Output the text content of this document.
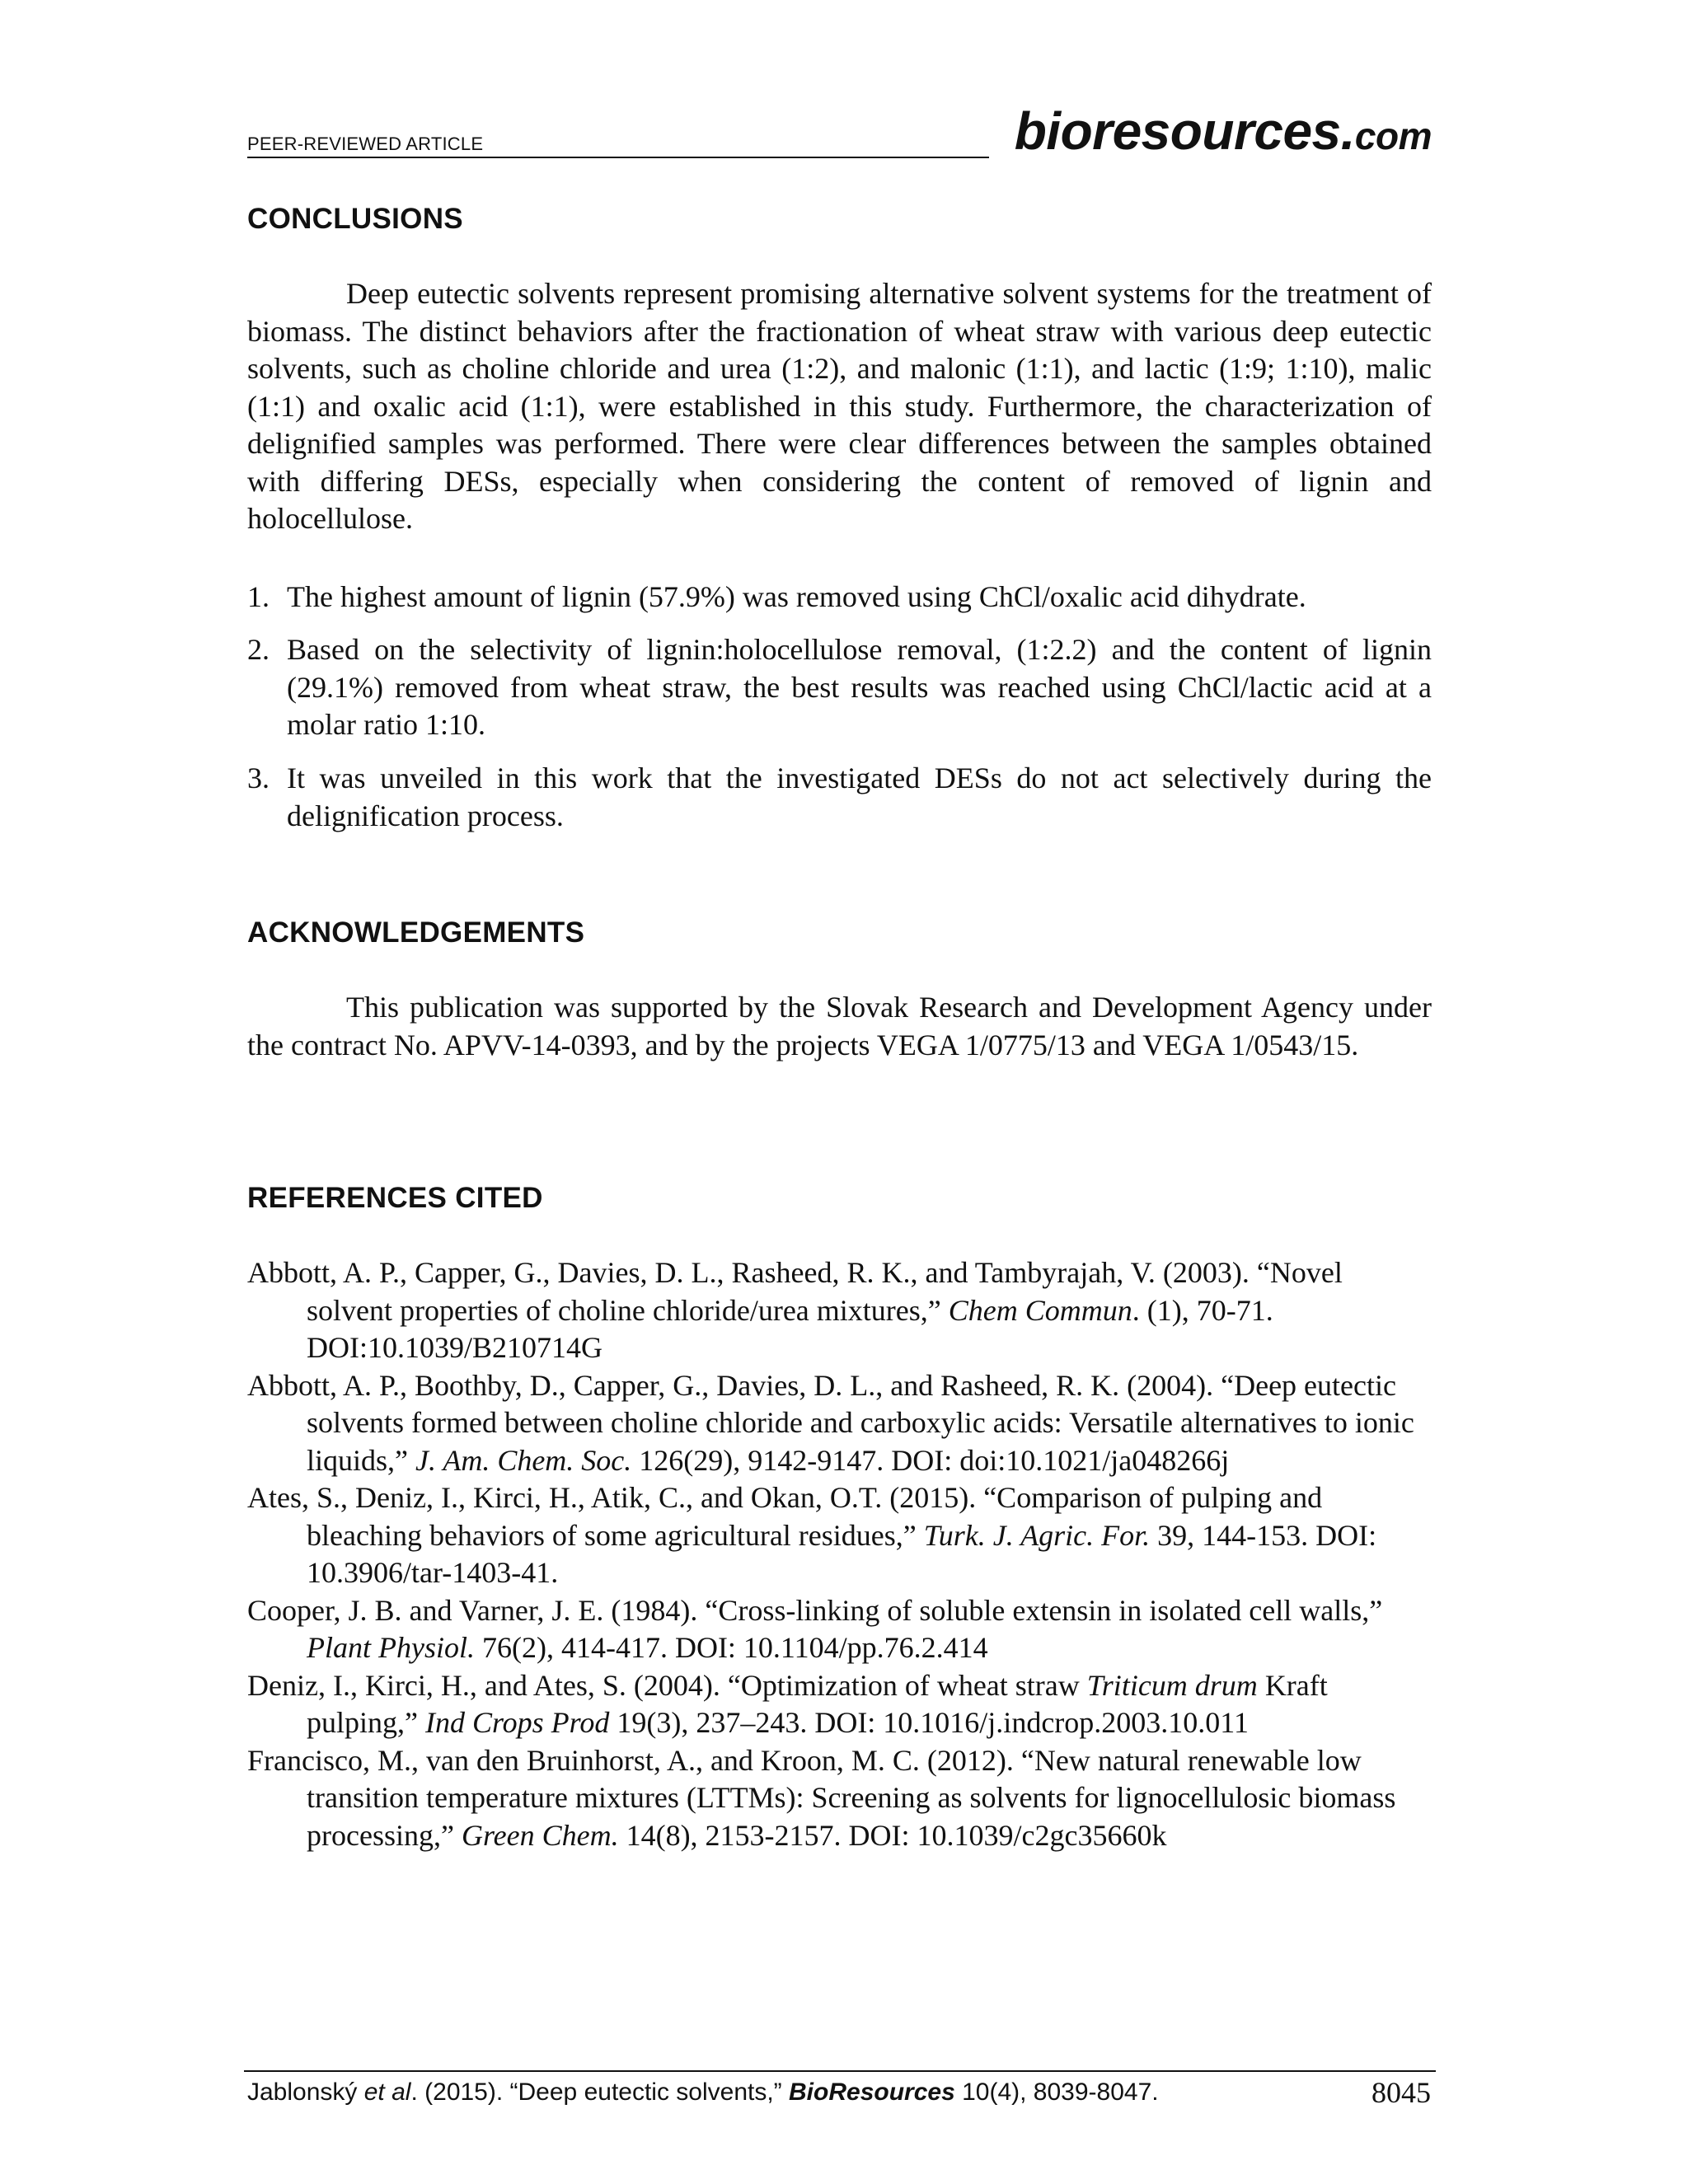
PEER-REVIEWED ARTICLE	bioresources.com
CONCLUSIONS

Deep eutectic solvents represent promising alternative solvent systems for the treatment of biomass. The distinct behaviors after the fractionation of wheat straw with various deep eutectic solvents, such as choline chloride and urea (1:2), and malonic (1:1), and lactic (1:9; 1:10), malic (1:1) and oxalic acid (1:1), were established in this study. Furthermore, the characterization of delignified samples was performed. There were clear differences between the samples obtained with differing DESs, especially when considering the content of removed of lignin and holocellulose.

1. The highest amount of lignin (57.9%) was removed using ChCl/oxalic acid dihydrate.
2. Based on the selectivity of lignin:holocellulose removal, (1:2.2) and the content of lignin (29.1%) removed from wheat straw, the best results was reached using ChCl/lactic acid at a molar ratio 1:10.
3. It was unveiled in this work that the investigated DESs do not act selectively during the delignification process.
ACKNOWLEDGEMENTS

This publication was supported by the Slovak Research and Development Agency under the contract No. APVV-14-0393, and by the projects VEGA 1/0775/13 and VEGA 1/0543/15.

REFERENCES CITED

Abbott, A. P., Capper, G., Davies, D. L., Rasheed, R. K., and Tambyrajah, V. (2003). “Novel solvent properties of choline chloride/urea mixtures,” Chem Commun. (1), 70-71. DOI:10.1039/B210714G

Abbott, A. P., Boothby, D., Capper, G., Davies, D. L., and Rasheed, R. K. (2004). “Deep eutectic solvents formed between choline chloride and carboxylic acids: Versatile alternatives to ionic liquids,” J. Am. Chem. Soc. 126(29), 9142-9147. DOI: doi:10.1021/ja048266j

Ates, S., Deniz, I., Kirci, H., Atik, C., and Okan, O.T. (2015). “Comparison of pulping and bleaching behaviors of some agricultural residues,” Turk. J. Agric. For. 39, 144-153. DOI: 10.3906/tar-1403-41.

Cooper, J. B. and Varner, J. E. (1984). “Cross-linking of soluble extensin in isolated cell walls,” Plant Physiol. 76(2), 414-417. DOI: 10.1104/pp.76.2.414

Deniz, I., Kirci, H., and Ates, S. (2004). “Optimization of wheat straw Triticum drum Kraft pulping,” Ind Crops Prod 19(3), 237–243. DOI: 10.1016/j.indcrop.2003.10.011

Francisco, M., van den Bruinhorst, A., and Kroon, M. C. (2012). “New natural renewable low transition temperature mixtures (LTTMs): Screening as solvents for lignocellulosic biomass processing,” Green Chem. 14(8), 2153-2157. DOI: 10.1039/c2gc35660k

Jablonský et al. (2015). “Deep eutectic solvents,” BioResources 10(4), 8039-8047.	8045
